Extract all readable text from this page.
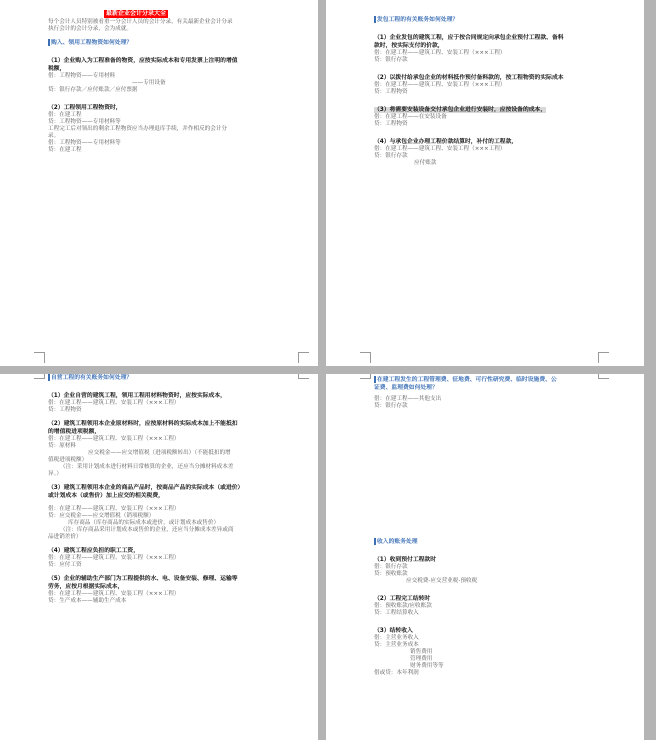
最新企业会计分录大全
每个会计人员特别被看重一分会计人员的会计分录，有关最新企业会计分录
执行会计的会计分录，会为成就。
购入、领用工程物资如何处理？
（1）企业购入为工程准备的物资，应按实际成本和专用发票上注明的增值
税额，
借：工程物资——专用材料
——专用设备
贷：银行存款／应付账款／应付票据
（2）工程领用工程物资时，
借：在建工程
贷：工程物资——专用材料等
工程完工后对领出的剩余工程物资应当办理退库手续，并作相反的会计分
录。
借：工程物资——专用材料等
贷：在建工程
发包工程的有关账务如何处理？
（1）企业发包的建筑工程，应于按合同规定向承包企业预付工程款、备料
款时，按实际支付的价款，
借：在建工程——建筑工程、安装工程（×××工程）
贷：银行存款
（2）以拨付给承包企业的材料抵作预付备料款的，按工程物资的实际成本
借：在建工程——建筑工程、安装工程（×××工程）
贷：工程物资
（3）将需要安装设备交付承包企业进行安装时，应按设备的成本，
借：在建工程——在安装设备
贷：工程物资
（4）与承包企业办理工程价款结算时，补付的工程款，
借：在建工程——建筑工程、安装工程（×××工程）
贷：银行存款
应付账款
自营工程的有关账务如何处理？
（1）企业自营的建筑工程，领用工程用材料物资时，应按实际成本，
借：在建工程——建筑工程、安装工程（×××工程）
贷：工程物资
（2）建筑工程领用本企业原材料时，应按原材料的实际成本加上不能抵扣
的增值税进项税额，
借：在建工程——建筑工程、安装工程（×××工程）
贷：原材料
应交税金——应交增值税（进项税额转出）（不能抵扣的增
值税进项税额）
（注：采用计划成本进行材料日常核算的企业，还应当分摊材料成本差
异。）
（3）建筑工程领用本企业的商品产品时，按商品产品的实际成本（或进价）
或计划成本（或售价）加上应交的相关税费，
借：在建工程——建筑工程、安装工程（×××工程）
贷：应交税金——应交增值税（销项税额）
库存商品（库存商品的实际成本或进价，或计划成本或售价）
（注：库存商品采用计划成本或售价的企业，还应当分摊成本差异或商
品进销差价）
（4）建筑工程应负担的职工工资，
借：在建工程——建筑工程、安装工程（×××工程）
贷：应付工资
（5）企业的辅助生产部门为工程提供的水、电、设备安装、修理、运输等
劳务，应按月根据实际成本，
借：在建工程——建筑工程、安装工程（×××工程）
贷：生产成本——辅助生产成本
在建工程发生的工程管理费、征地费、可行性研究费、临时设施费、公
证费、监理费如何处理？
借：在建工程——其他支出
贷：银行存款
收入的账务处理
（1）收到预付工程款时
借：银行存款
贷：预收账款
应交税费-应交营业税-预收税
（2）工程完工结转时
借：预收账款/应收账款
贷：工程结算收入
（3）结转收入
借：主营业务收入
贷：主营业务成本
销售费用
管理费用
财务费用等等
借或贷：本年利润
